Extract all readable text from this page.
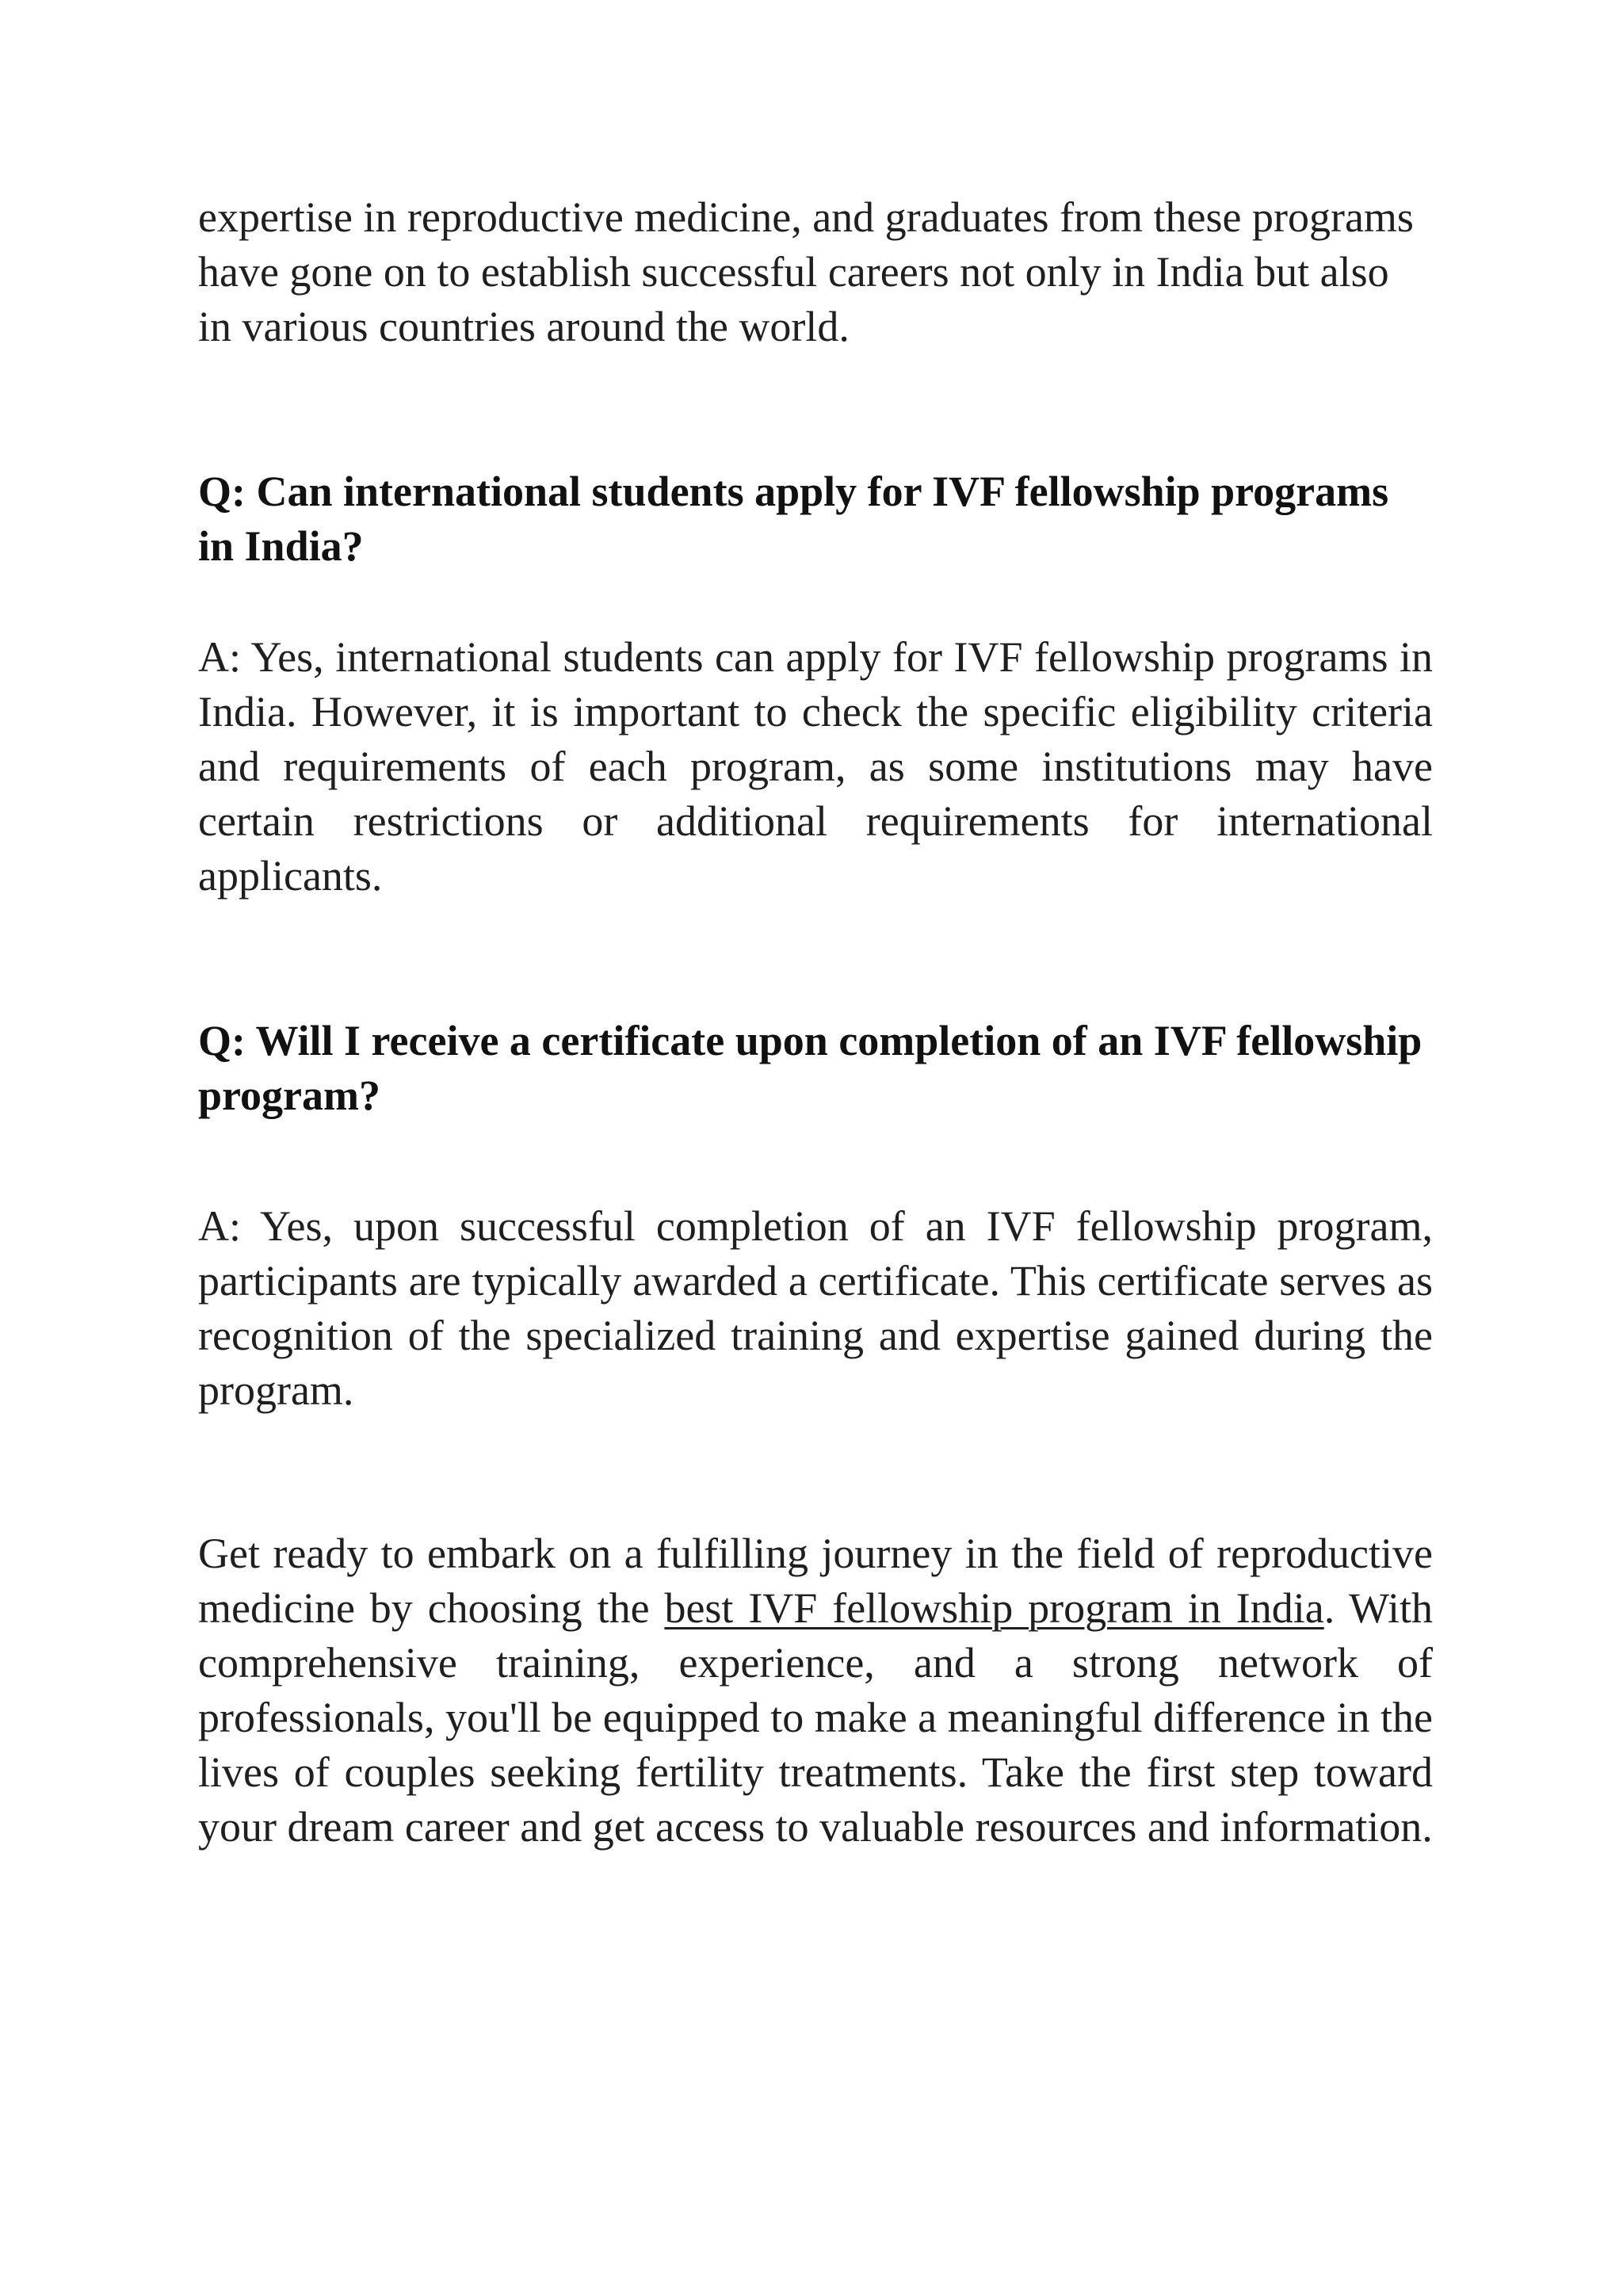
expertise in reproductive medicine, and graduates from these programs have gone on to establish successful careers not only in India but also in various countries around the world.

Q: Can international students apply for IVF fellowship programs in India?

A: Yes, international students can apply for IVF fellowship programs in India. However, it is important to check the specific eligibility criteria and requirements of each program, as some institutions may have certain restrictions or additional requirements for international applicants.

Q: Will I receive a certificate upon completion of an IVF fellowship program?

A: Yes, upon successful completion of an IVF fellowship program, participants are typically awarded a certificate. This certificate serves as recognition of the specialized training and expertise gained during the program.

Get ready to embark on a fulfilling journey in the field of reproductive medicine by choosing the best IVF fellowship program in India. With comprehensive training, experience, and a strong network of professionals, you'll be equipped to make a meaningful difference in the lives of couples seeking fertility treatments. Take the first step toward your dream career and get access to valuable resources and information.
